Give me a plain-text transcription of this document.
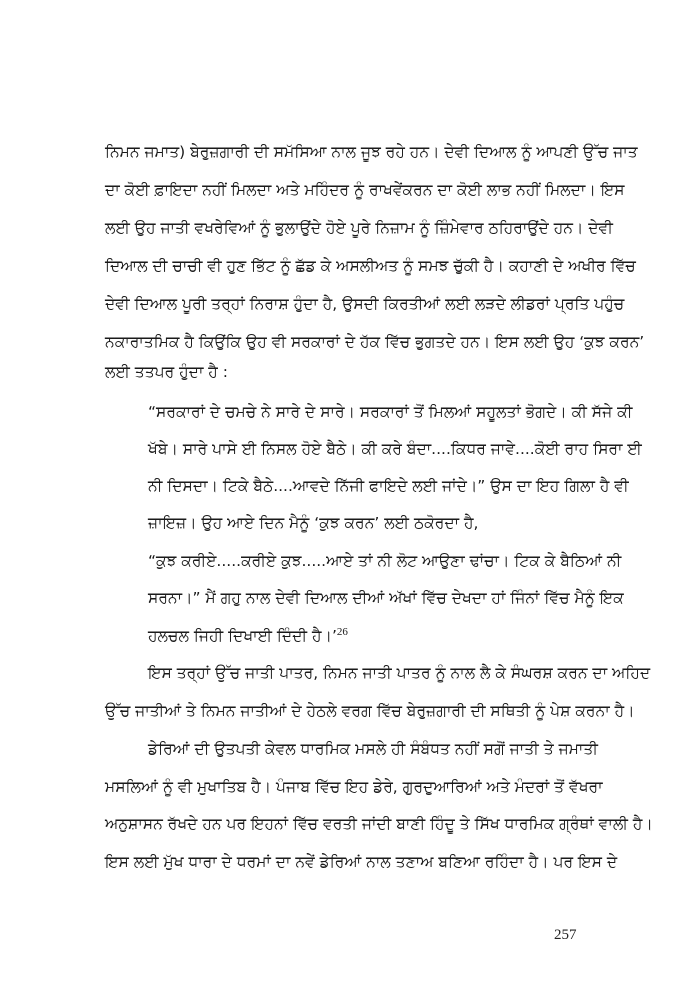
ਨਿਮਨ ਜਮਾਤ) ਬੇਰੁਜ਼ਗਾਰੀ ਦੀ ਸਮੱਸਿਆ ਨਾਲ ਜੂਝ ਰਹੇ ਹਨ। ਦੇਵੀ ਦਿਆਲ ਨੂੰ ਆਪਣੀ ਉੱਚ ਜਾਤ
ਦਾ ਕੋਈ ਫ਼ਾਇਦਾ ਨਹੀਂ ਮਿਲਦਾ ਅਤੇ ਮਹਿੰਦਰ ਨੂੰ ਰਾਖਵੇਂਕਰਨ ਦਾ ਕੋਈ ਲਾਭ ਨਹੀਂ ਮਿਲਦਾ। ਇਸ
ਲਈ ਉਹ ਜਾਤੀ ਵਖਰੇਵਿਆਂ ਨੂੰ ਭੁਲਾਉਂਦੇ ਹੋਏ ਪੂਰੇ ਨਿਜ਼ਾਮ ਨੂੰ ਜ਼ਿੰਮੇਵਾਰ ਠਹਿਰਾਉਂਦੇ ਹਨ। ਦੇਵੀ
ਦਿਆਲ ਦੀ ਚਾਚੀ ਵੀ ਹੁਣ ਭਿੱਟ ਨੂੰ ਛੱਡ ਕੇ ਅਸਲੀਅਤ ਨੂੰ ਸਮਝ ਚੁੱਕੀ ਹੈ। ਕਹਾਣੀ ਦੇ ਅਖੀਰ ਵਿੱਚ
ਦੇਵੀ ਦਿਆਲ ਪੂਰੀ ਤਰ੍ਹਾਂ ਨਿਰਾਸ਼ ਹੁੰਦਾ ਹੈ, ਉਸਦੀ ਕਿਰਤੀਆਂ ਲਈ ਲੜਦੇ ਲੀਡਰਾਂ ਪ੍ਰਤਿ ਪਹੁੰਚ
ਨਕਾਰਾਤਮਿਕ ਹੈ ਕਿਉਂਕਿ ਉਹ ਵੀ ਸਰਕਾਰਾਂ ਦੇ ਹੱਕ ਵਿੱਚ ਭੁਗਤਦੇ ਹਨ। ਇਸ ਲਈ ਉਹ ‘ਕੁਝ ਕਰਨ’
ਲਈ ਤਤਪਰ ਹੁੰਦਾ ਹੈ :
“ਸਰਕਾਰਾਂ ਦੇ ਚਮਚੇ ਨੇ ਸਾਰੇ ਦੇ ਸਾਰੇ। ਸਰਕਾਰਾਂ ਤੋਂ ਮਿਲਆਂ ਸਹੂਲਤਾਂ ਭੋਗਦੇ। ਕੀ ਸੱਜੇ ਕੀ
ਖੱਬੇ। ਸਾਰੇ ਪਾਸੇ ਈ ਨਿਸਲ ਹੋਏ ਬੈਠੇ। ਕੀ ਕਰੇ ਬੰਦਾ....ਕਿਧਰ ਜਾਵੇ....ਕੋਈ ਰਾਹ ਸਿਰਾ ਈ
ਨੀ ਦਿਸਦਾ। ਟਿਕੇ ਬੈਠੇ....ਆਵਦੇ ਨਿੱਜੀ ਫਾਇਦੇ ਲਈ ਜਾਂਦੇ।” ਉਸ ਦਾ ਇਹ ਗਿਲਾ ਹੈ ਵੀ
ਜ਼ਾਇਜ਼। ਉਹ ਆਏ ਦਿਨ ਮੈਨੂੰ ‘ਕੁਝ ਕਰਨ’ ਲਈ ਠਕੋਰਦਾ ਹੈ,
“ਕੁਝ ਕਰੀਏ.....ਕਰੀਏ ਕੁਝ.....ਆਏ ਤਾਂ ਨੀ ਲੋਟ ਆਉਣਾ ਢਾਂਚਾ। ਟਿਕ ਕੇ ਬੈਠਿਆਂ ਨੀ
ਸਰਨਾ।” ਮੈਂ ਗਹੁ ਨਾਲ ਦੇਵੀ ਦਿਆਲ ਦੀਆਂ ਅੱਖਾਂ ਵਿੱਚ ਦੇਖਦਾ ਹਾਂ ਜਿੰਨਾਂ ਵਿੱਚ ਮੈਨੂੰ ਇਕ
ਹਲਚਲ ਜਿਹੀ ਦਿਖਾਈ ਦਿੰਦੀ ਹੈ।’$^{26}$
ਇਸ ਤਰ੍ਹਾਂ ਉੱਚ ਜਾਤੀ ਪਾਤਰ, ਨਿਮਨ ਜਾਤੀ ਪਾਤਰ ਨੂੰ ਨਾਲ ਲੈ ਕੇ ਸੰਘਰਸ਼ ਕਰਨ ਦਾ ਅਹਿਦ
ਉੱਚ ਜਾਤੀਆਂ ਤੇ ਨਿਮਨ ਜਾਤੀਆਂ ਦੇ ਹੇਠਲੇ ਵਰਗ ਵਿੱਚ ਬੇਰੁਜ਼ਗਾਰੀ ਦੀ ਸਥਿਤੀ ਨੂੰ ਪੇਸ਼ ਕਰਨਾ ਹੈ।
ਡੇਰਿਆਂ ਦੀ ਉਤਪਤੀ ਕੇਵਲ ਧਾਰਮਿਕ ਮਸਲੇ ਹੀ ਸੰਬੰਧਤ ਨਹੀਂ ਸਗੋਂ ਜਾਤੀ ਤੇ ਜਮਾਤੀ
ਮਸਲਿਆਂ ਨੂੰ ਵੀ ਮੁਖਾਤਿਬ ਹੈ। ਪੰਜਾਬ ਵਿੱਚ ਇਹ ਡੇਰੇ, ਗੁਰਦੁਆਰਿਆਂ ਅਤੇ ਮੰਦਰਾਂ ਤੋਂ ਵੱਖਰਾ
ਅਨੁਸ਼ਾਸਨ ਰੱਖਦੇ ਹਨ ਪਰ ਇਹਨਾਂ ਵਿੱਚ ਵਰਤੀ ਜਾਂਦੀ ਬਾਣੀ ਹਿੰਦੂ ਤੇ ਸਿੱਖ ਧਾਰਮਿਕ ਗ੍ਰੰਥਾਂ ਵਾਲੀ ਹੈ।
ਇਸ ਲਈ ਮੁੱਖ ਧਾਰਾ ਦੇ ਧਰਮਾਂ ਦਾ ਨਵੇਂ ਡੇਰਿਆਂ ਨਾਲ ਤਣਾਅ ਬਣਿਆ ਰਹਿੰਦਾ ਹੈ। ਪਰ ਇਸ ਦੇ
257
